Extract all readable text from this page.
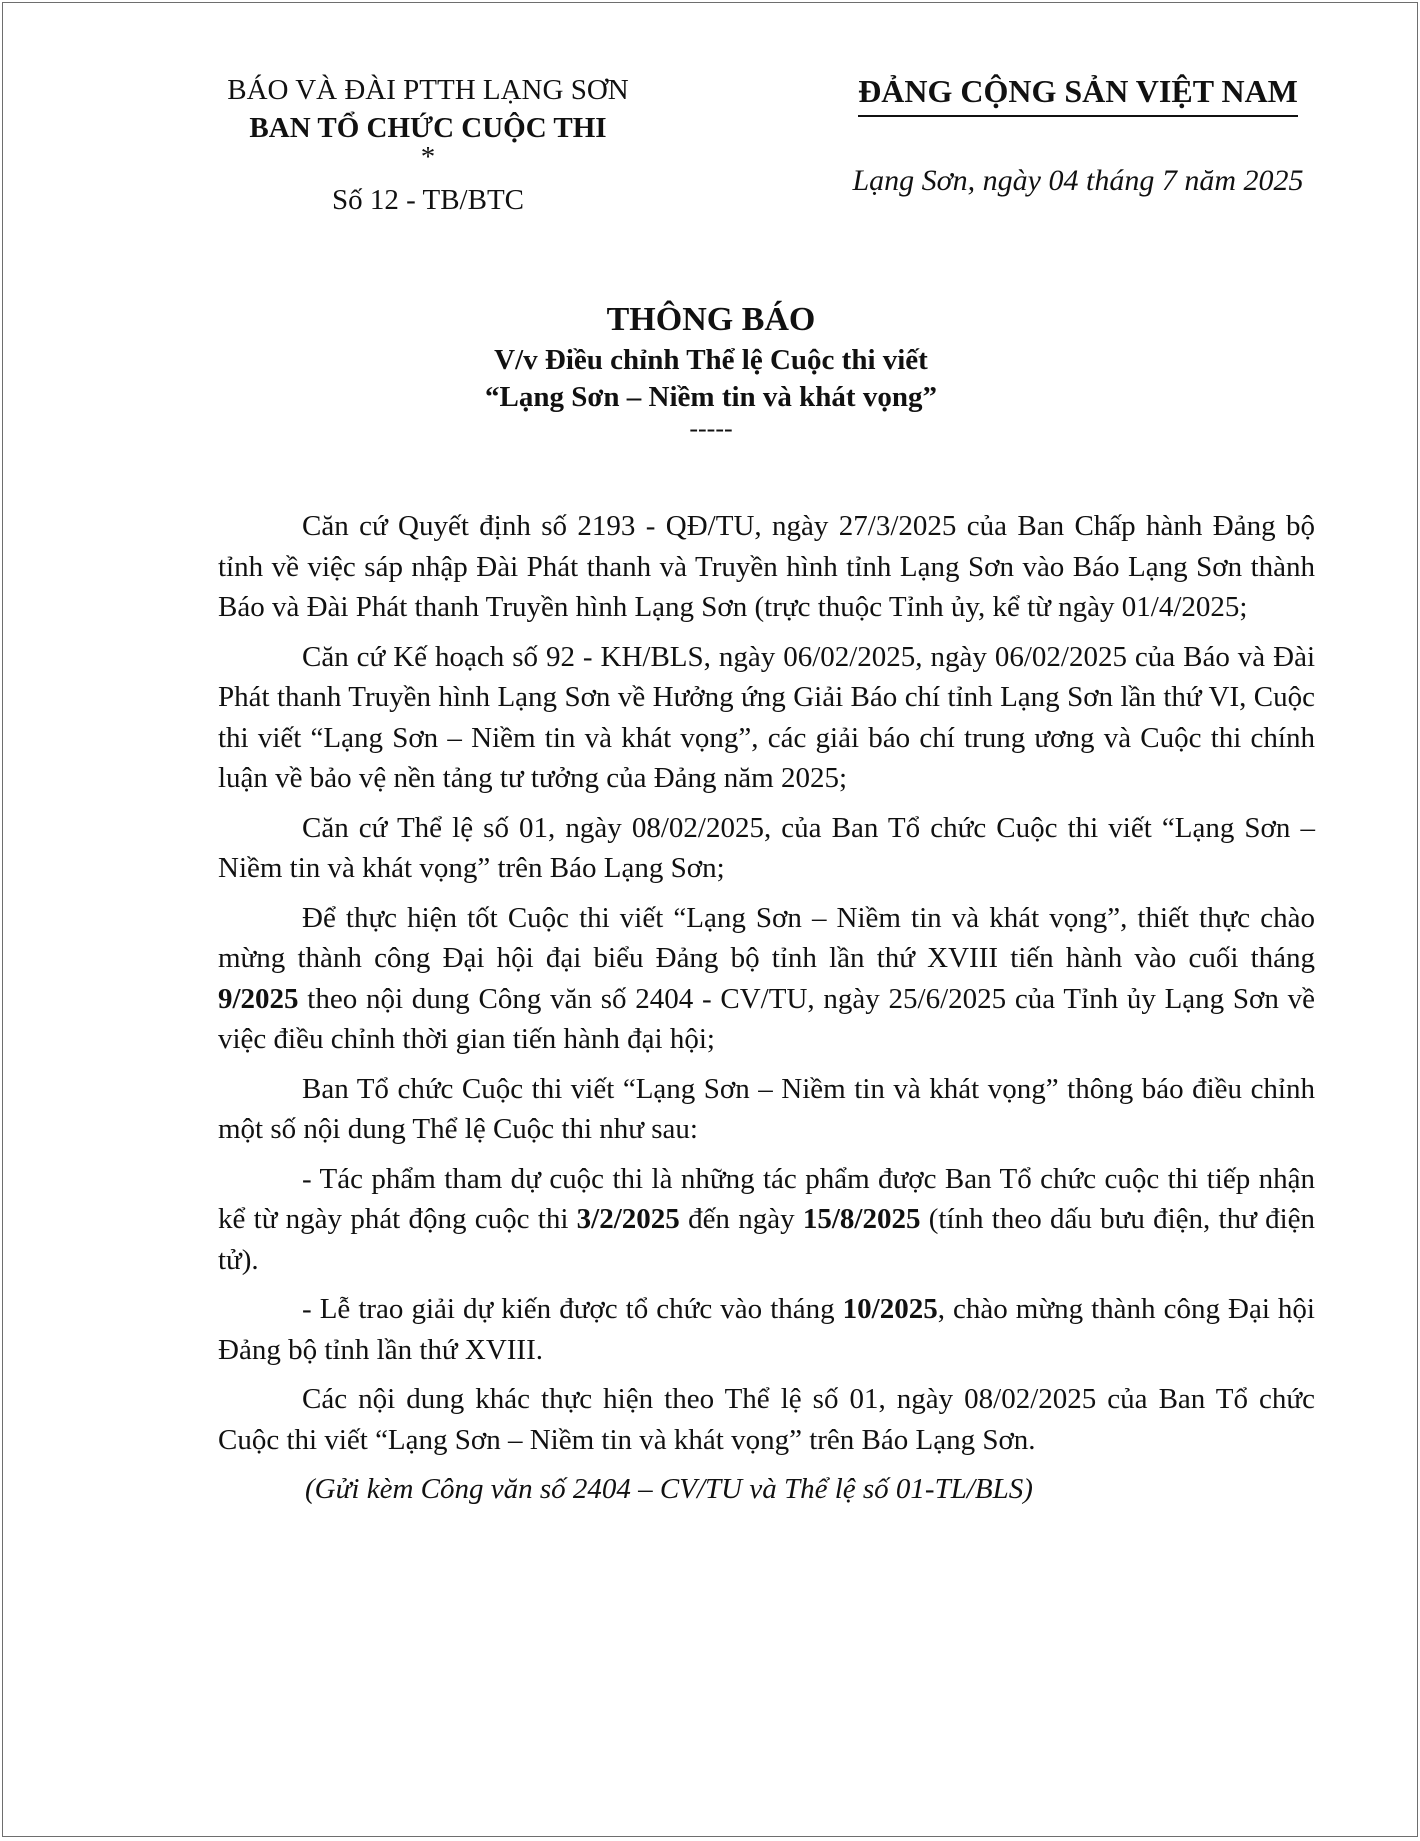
BÁO VÀ ĐÀI PTTH LẠNG SƠN
BAN TỔ CHỨC CUỘC THI
*
Số 12 - TB/BTC
ĐẢNG CỘNG SẢN VIỆT NAM
Lạng Sơn, ngày 04 tháng 7 năm 2025
THÔNG BÁO
V/v Điều chỉnh Thể lệ Cuộc thi viết
“Lạng Sơn – Niềm tin và khát vọng”
-----

Căn cứ Quyết định số 2193 - QĐ/TU, ngày 27/3/2025 của Ban Chấp hành Đảng bộ tỉnh về việc sáp nhập Đài Phát thanh và Truyền hình tỉnh Lạng Sơn vào Báo Lạng Sơn thành Báo và Đài Phát thanh Truyền hình Lạng Sơn (trực thuộc Tỉnh ủy, kể từ ngày 01/4/2025;

Căn cứ Kế hoạch số 92 - KH/BLS, ngày 06/02/2025, ngày 06/02/2025 của Báo và Đài Phát thanh Truyền hình Lạng Sơn về Hưởng ứng Giải Báo chí tỉnh Lạng Sơn lần thứ VI, Cuộc thi viết “Lạng Sơn – Niềm tin và khát vọng”, các giải báo chí trung ương và Cuộc thi chính luận về bảo vệ nền tảng tư tưởng của Đảng năm 2025;

Căn cứ Thể lệ số 01, ngày 08/02/2025, của Ban Tổ chức Cuộc thi viết “Lạng Sơn – Niềm tin và khát vọng” trên Báo Lạng Sơn;

Để thực hiện tốt Cuộc thi viết “Lạng Sơn – Niềm tin và khát vọng”, thiết thực chào mừng thành công Đại hội đại biểu Đảng bộ tỉnh lần thứ XVIII tiến hành vào cuối tháng 9/2025 theo nội dung Công văn số 2404 - CV/TU, ngày 25/6/2025 của Tỉnh ủy Lạng Sơn về việc điều chỉnh thời gian tiến hành đại hội;

Ban Tổ chức Cuộc thi viết “Lạng Sơn – Niềm tin và khát vọng” thông báo điều chỉnh một số nội dung Thể lệ Cuộc thi như sau:

- Tác phẩm tham dự cuộc thi là những tác phẩm được Ban Tổ chức cuộc thi tiếp nhận kể từ ngày phát động cuộc thi 3/2/2025 đến ngày 15/8/2025 (tính theo dấu bưu điện, thư điện tử).

- Lễ trao giải dự kiến được tổ chức vào tháng 10/2025, chào mừng thành công Đại hội Đảng bộ tỉnh lần thứ XVIII.

Các nội dung khác thực hiện theo Thể lệ số 01, ngày 08/02/2025 của Ban Tổ chức Cuộc thi viết “Lạng Sơn – Niềm tin và khát vọng” trên Báo Lạng Sơn.

(Gửi kèm Công văn số 2404 – CV/TU và Thể lệ số 01-TL/BLS)
